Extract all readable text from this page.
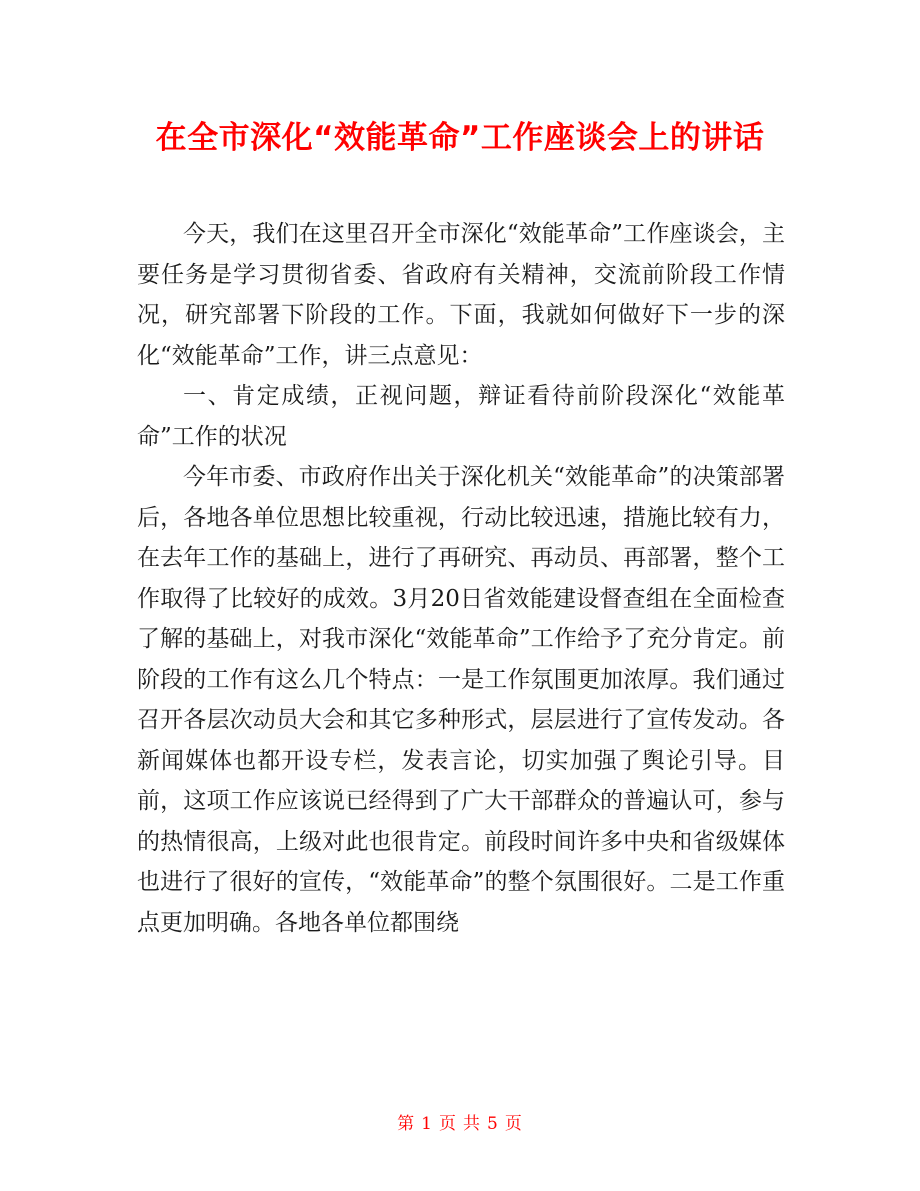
在全市深化“效能革命”工作座谈会上的讲话

今天，我们在这里召开全市深化“效能革命”工作座谈会，主要任务是学习贯彻省委、省政府有关精神，交流前阶段工作情况，研究部署下阶段的工作。下面，我就如何做好下一步的深化“效能革命”工作，讲三点意见：

一、肯定成绩，正视问题，辩证看待前阶段深化“效能革命”工作的状况

今年市委、市政府作出关于深化机关“效能革命”的决策部署后，各地各单位思想比较重视，行动比较迅速，措施比较有力，在去年工作的基础上，进行了再研究、再动员、再部署，整个工作取得了比较好的成效。3月20日省效能建设督查组在全面检查了解的基础上，对我市深化“效能革命”工作给予了充分肯定。前阶段的工作有这么几个特点：一是工作氛围更加浓厚。我们通过召开各层次动员大会和其它多种形式，层层进行了宣传发动。各新闻媒体也都开设专栏，发表言论，切实加强了舆论引导。目前，这项工作应该说已经得到了广大干部群众的普遍认可，参与的热情很高，上级对此也很肯定。前段时间许多中央和省级媒体也进行了很好的宣传，“效能革命”的整个氛围很好。二是工作重点更加明确。各地各单位都围绕

第 1 页 共 5 页
